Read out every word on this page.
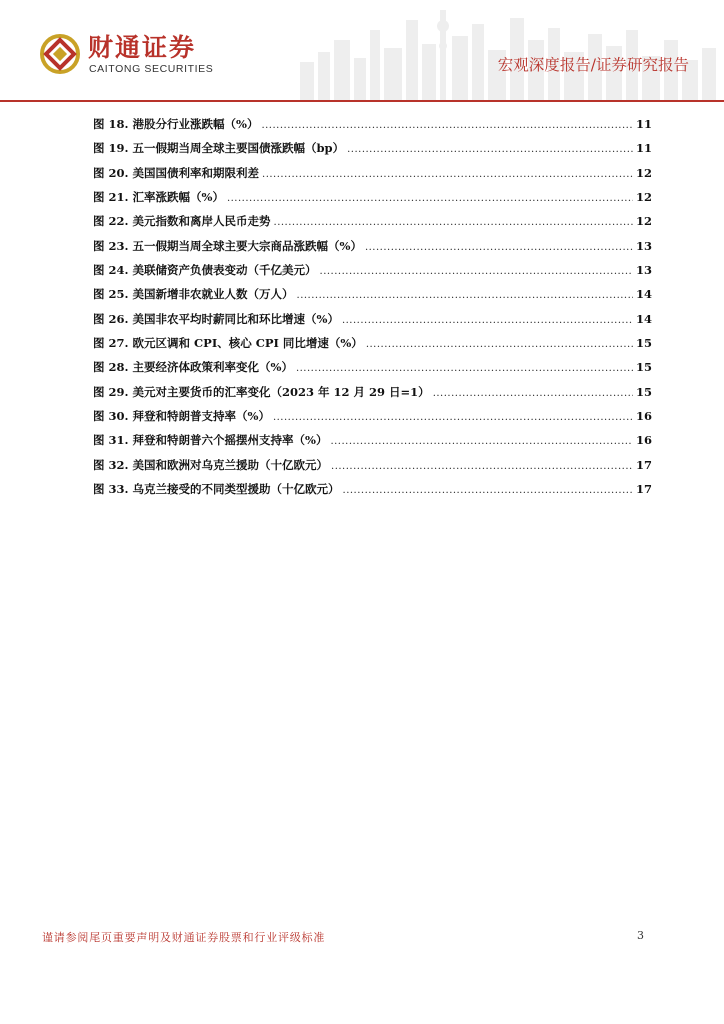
财通证券
CAITONG SECURITIES	宏观深度报告/证券研究报告
图 18. 港股分行业涨跌幅（%） .....	11
图 19. 五一假期当周全球主要国债涨跌幅（bp） .....	11
图 20. 美国国债利率和期限利差 .....	12
图 21. 汇率涨跌幅（%） .....	12
图 22. 美元指数和离岸人民币走势 .....	12
图 23. 五一假期当周全球主要大宗商品涨跌幅（%） .....	13
图 24. 美联储资产负债表变动（千亿美元） .....	13
图 25. 美国新增非农就业人数（万人） .....	14
图 26. 美国非农平均时薪同比和环比增速（%） .....	14
图 27. 欧元区调和 CPI、核心 CPI 同比增速（%） .....	15
图 28. 主要经济体政策利率变化（%） .....	15
图 29. 美元对主要货币的汇率变化（2023 年 12 月 29 日=1） .....	15
图 30. 拜登和特朗普支持率（%） .....	16
图 31. 拜登和特朗普六个摇摆州支持率（%） .....	16
图 32. 美国和欧洲对乌克兰援助（十亿欧元） .....	17
图 33. 乌克兰接受的不同类型援助（十亿欧元） .....	17
谨请参阅尾页重要声明及财通证券股票和行业评级标准	3
